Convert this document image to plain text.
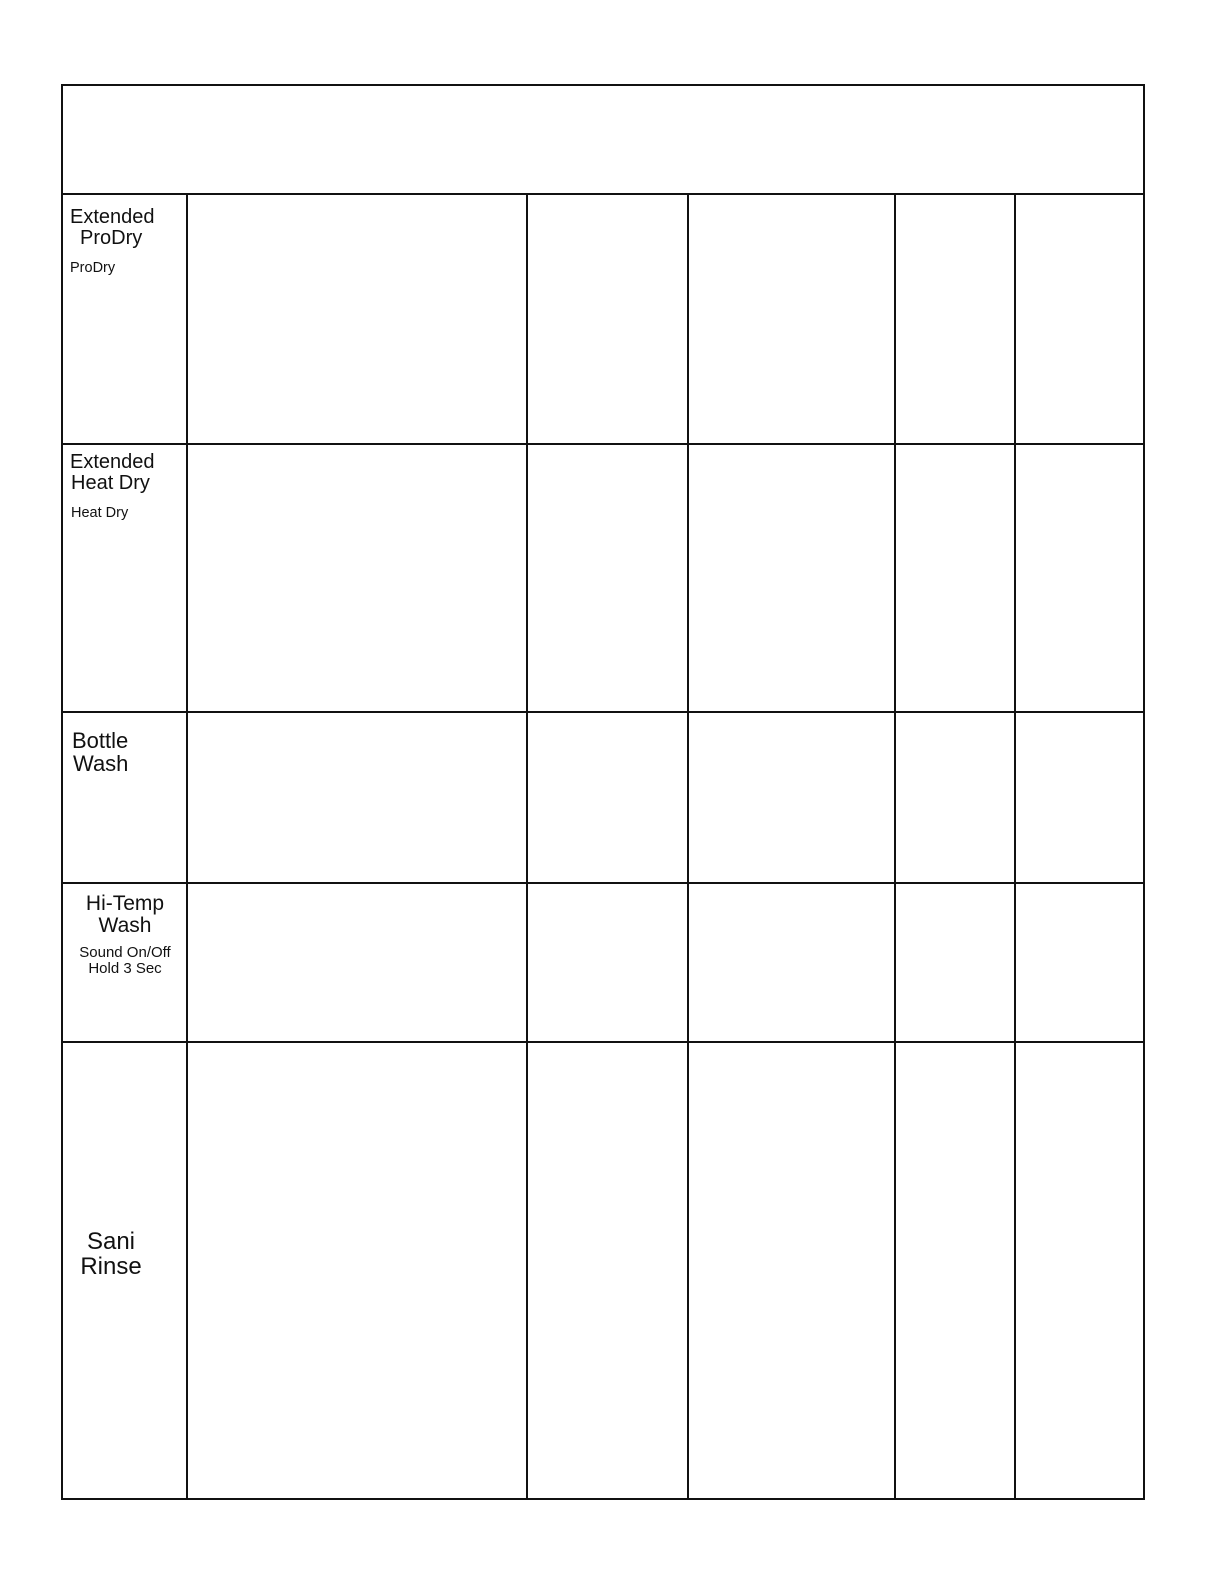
Extended
ProDry
ProDry					

Extended
Heat Dry
Heat Dry					

Bottle
Wash					

Hi-Temp
Wash
Sound On/Off
Hold 3 Sec					

Sani
Rinse					
